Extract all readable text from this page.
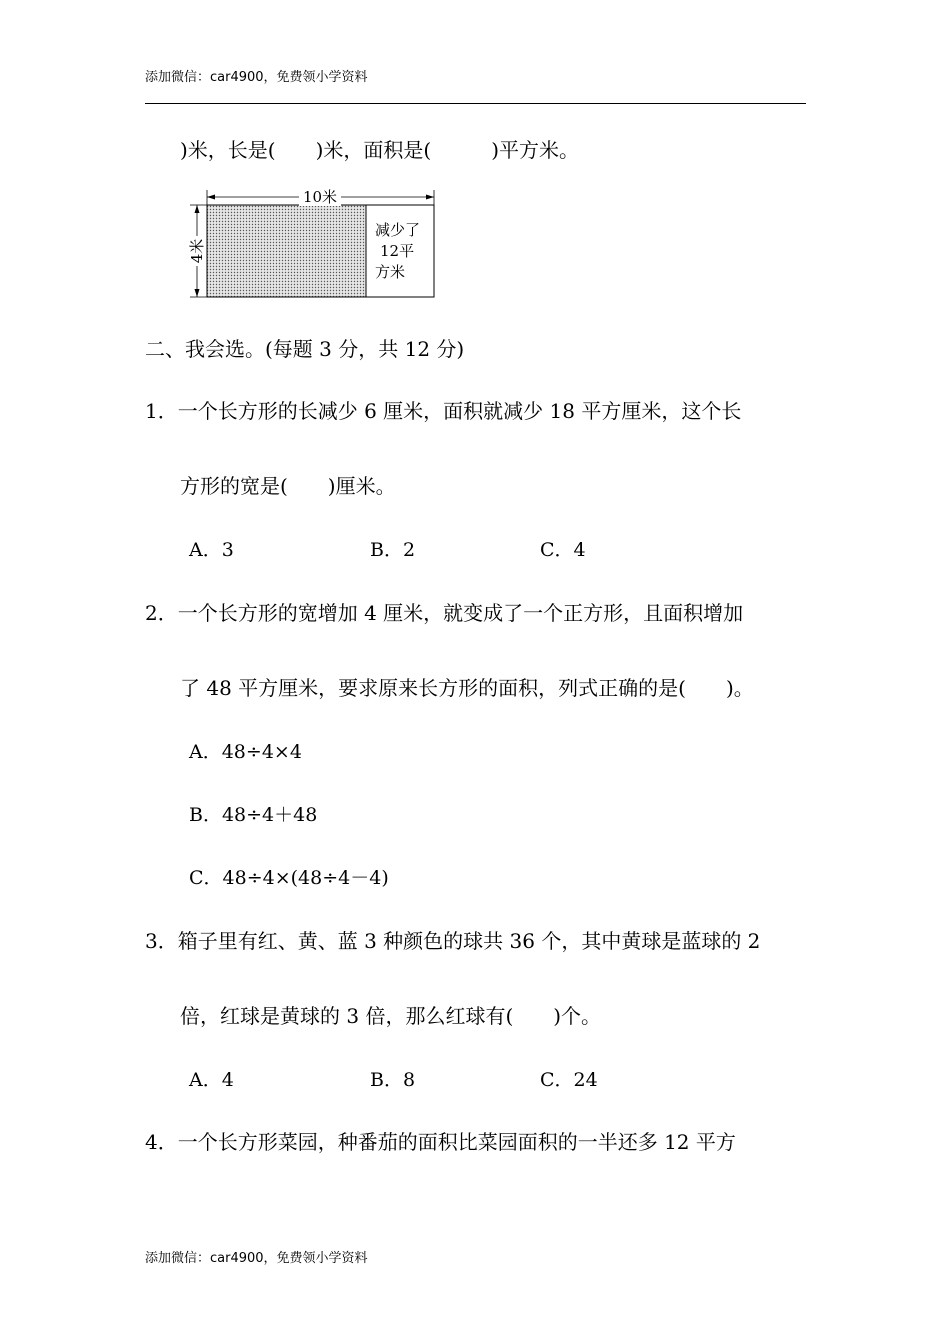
添加微信：car4900，免费领小学资料
)米，长是(　　)米，面积是(　　　)平方米。
10米
4米
减少了
12平
方米
二、我会选。(每题 3 分，共 12 分)
1．一个长方形的长减少 6 厘米，面积就减少 18 平方厘米，这个长
方形的宽是(　　)厘米。
A．3	B．2	C．4
2．一个长方形的宽增加 4 厘米，就变成了一个正方形，且面积增加
了 48 平方厘米，要求原来长方形的面积，列式正确的是(　　)。
A．48÷4×4
B．48÷4＋48
C．48÷4×(48÷4－4)
3．箱子里有红、黄、蓝 3 种颜色的球共 36 个，其中黄球是蓝球的 2
倍，红球是黄球的 3 倍，那么红球有(　　)个。
A．4	B．8	C．24
4．一个长方形菜园，种番茄的面积比菜园面积的一半还多 12 平方
添加微信：car4900，免费领小学资料
